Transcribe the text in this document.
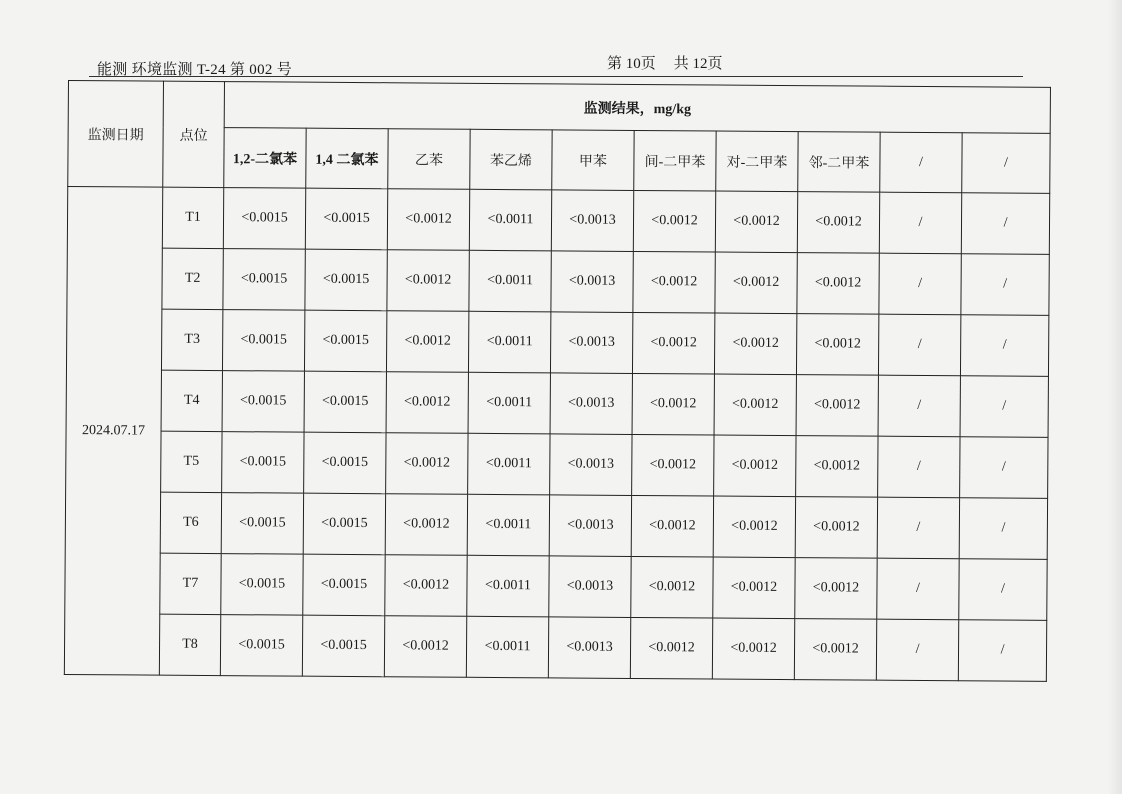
能测 环境监测 T-24 第 002 号	第 10页 共 12页
监测日期	点位	监测结果，mg/kg									
		1,2-二氯苯	1,4 二氯苯	乙苯	苯乙烯	甲苯	间-二甲苯	对-二甲苯	邻-二甲苯	/	/
2024.07.17	T1	<0.0015	<0.0015	<0.0012	<0.0011	<0.0013	<0.0012	<0.0012	<0.0012	/	/
	T2	<0.0015	<0.0015	<0.0012	<0.0011	<0.0013	<0.0012	<0.0012	<0.0012	/	/
	T3	<0.0015	<0.0015	<0.0012	<0.0011	<0.0013	<0.0012	<0.0012	<0.0012	/	/
	T4	<0.0015	<0.0015	<0.0012	<0.0011	<0.0013	<0.0012	<0.0012	<0.0012	/	/
	T5	<0.0015	<0.0015	<0.0012	<0.0011	<0.0013	<0.0012	<0.0012	<0.0012	/	/
	T6	<0.0015	<0.0015	<0.0012	<0.0011	<0.0013	<0.0012	<0.0012	<0.0012	/	/
	T7	<0.0015	<0.0015	<0.0012	<0.0011	<0.0013	<0.0012	<0.0012	<0.0012	/	/
	T8	<0.0015	<0.0015	<0.0012	<0.0011	<0.0013	<0.0012	<0.0012	<0.0012	/	/
